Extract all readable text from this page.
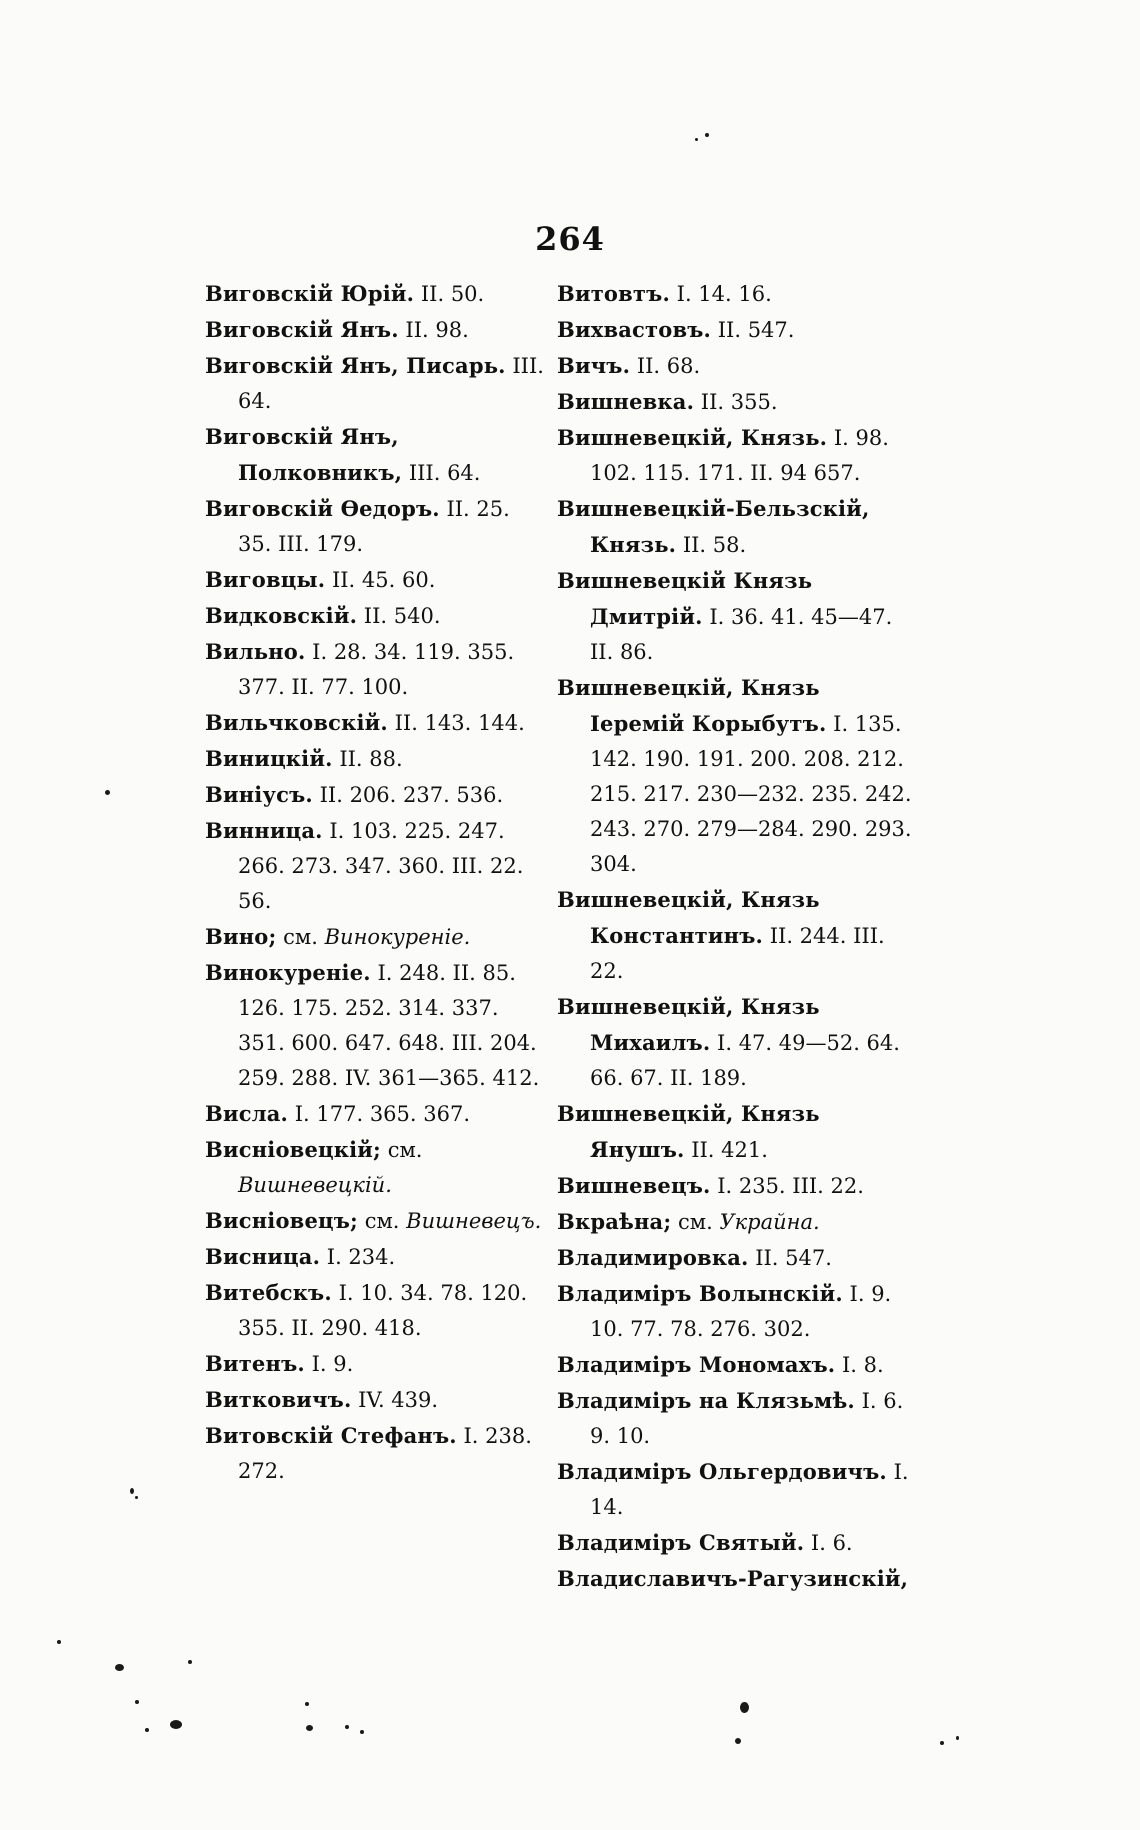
264
Виговскій Юрій. II. 50.
Виговскій Янъ. II. 98.
Виговскій Янъ, Писарь. III. 64.
Виговскій Янъ, Полковникъ, III. 64.
Виговскій Өедоръ. II. 25. 35. III. 179.
Виговцы. II. 45. 60.
Видковскій. II. 540.
Вильно. I. 28. 34. 119. 355. 377. II. 77. 100.
Вильчковскій. II. 143. 144.
Виницкій. II. 88.
Виніусъ. II. 206. 237. 536.
Винница. I. 103. 225. 247. 266. 273. 347. 360. III. 22. 56.
Вино; см. Винокуреніе.
Винокуреніе. I. 248. II. 85. 126. 175. 252. 314. 337. 351. 600. 647. 648. III. 204. 259. 288. IV. 361—365. 412.
Висла. I. 177. 365. 367.
Висніовецкій; см. Вишневецкій.
Висніовецъ; см. Вишневецъ.
Висница. I. 234.
Витебскъ. I. 10. 34. 78. 120. 355. II. 290. 418.
Витенъ. I. 9.
Витковичъ. IV. 439.
Витовскій Стефанъ. I. 238. 272.
Витовтъ. I. 14. 16.
Вихвастовъ. II. 547.
Вичъ. II. 68.
Вишневка. II. 355.
Вишневецкій, Князь. I. 98. 102. 115. 171. II. 94 657.
Вишневецкій-Бельзскій, Князь. II. 58.
Вишневецкій Князь Дмитрій. I. 36. 41. 45—47. II. 86.
Вишневецкій, Князь Іеремій Корыбутъ. I. 135. 142. 190. 191. 200. 208. 212. 215. 217. 230—232. 235. 242. 243. 270. 279—284. 290. 293. 304.
Вишневецкій, Князь Константинъ. II. 244. III. 22.
Вишневецкій, Князь Михаилъ. I. 47. 49—52. 64. 66. 67. II. 189.
Вишневецкій, Князь Янушъ. II. 421.
Вишневецъ. I. 235. III. 22.
Вкраѣна; см. Украйна.
Владимировка. II. 547.
Владиміръ Волынскій. I. 9. 10. 77. 78. 276. 302.
Владиміръ Мономахъ. I. 8.
Владиміръ на Клязьмѣ. I. 6. 9. 10.
Владиміръ Ольгердовичъ. I. 14.
Владиміръ Святый. I. 6.
Владиславичъ-Рагузинскій,
